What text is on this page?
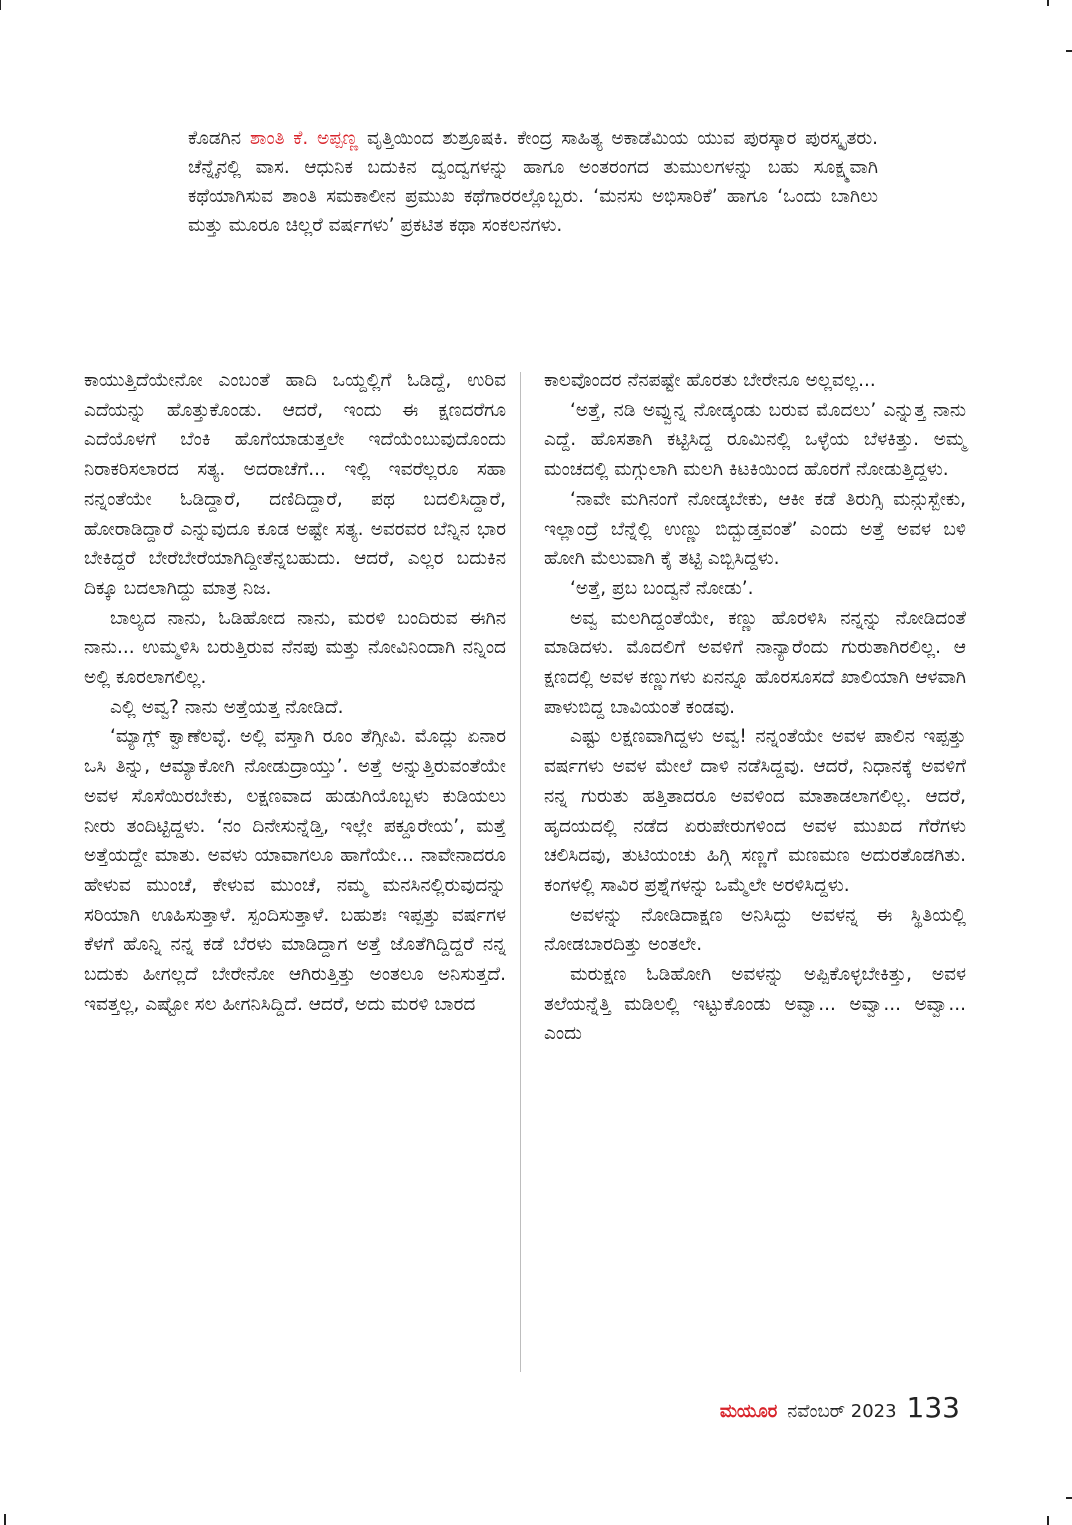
ಕೊಡಗಿನ ಶಾಂತಿ ಕೆ. ಅಪ್ಪಣ್ಣ ವೃತ್ತಿಯಿಂದ ಶುಶ್ರೂಷಕಿ. ಕೇಂದ್ರ ಸಾಹಿತ್ಯ ಅಕಾಡೆಮಿಯ ಯುವ ಪುರಸ್ಕಾರ ಪುರಸ್ಕೃತರು. ಚೆನ್ನೈನಲ್ಲಿ ವಾಸ. ಆಧುನಿಕ ಬದುಕಿನ ದ್ವಂದ್ವಗಳನ್ನು ಹಾಗೂ ಅಂತರಂಗದ ತುಮುಲಗಳನ್ನು ಬಹು ಸೂಕ್ಷ್ಮವಾಗಿ ಕಥೆಯಾಗಿಸುವ ಶಾಂತಿ ಸಮಕಾಲೀನ ಪ್ರಮುಖ ಕಥೆಗಾರರಲ್ಲೊಬ್ಬರು. ‘ಮನಸು ಅಭಿಸಾರಿಕೆ’ ಹಾಗೂ ‘ಒಂದು ಬಾಗಿಲು ಮತ್ತು ಮೂರೂ ಚಿಲ್ಲರೆ ವರ್ಷಗಳು’ ಪ್ರಕಟಿತ ಕಥಾ ಸಂಕಲನಗಳು.

ಕಾಯುತ್ತಿದೆಯೇನೋ ಎಂಬಂತೆ ಹಾದಿ ಒಯ್ದಲ್ಲಿಗೆ ಓಡಿದ್ದೆ, ಉರಿವ ಎದೆಯನ್ನು ಹೊತ್ತುಕೊಂಡು. ಆದರೆ, ಇಂದು ಈ ಕ್ಷಣದರೆಗೂ ಎದೆಯೊಳಗೆ ಬೆಂಕಿ ಹೊಗೆಯಾಡುತ್ತಲೇ ಇದೆಯೆಂಬುವುದೊಂದು ನಿರಾಕರಿಸಲಾರದ ಸತ್ಯ. ಅದರಾಚೆಗೆ... ಇಲ್ಲಿ ಇವರೆಲ್ಲರೂ ಸಹಾ ನನ್ನಂತೆಯೇ ಓಡಿದ್ದಾರೆ, ದಣಿದಿದ್ದಾರೆ, ಪಥ ಬದಲಿಸಿದ್ದಾರೆ, ಹೋರಾಡಿದ್ದಾರೆ ಎನ್ನುವುದೂ ಕೂಡ ಅಷ್ಟೇ ಸತ್ಯ. ಅವರವರ ಬೆನ್ನಿನ ಭಾರ ಬೇಕಿದ್ದರೆ ಬೇರೆಬೇರೆಯಾಗಿದ್ದೀತೆನ್ನಬಹುದು. ಆದರೆ, ಎಲ್ಲರ ಬದುಕಿನ ದಿಕ್ಕೂ ಬದಲಾಗಿದ್ದು ಮಾತ್ರ ನಿಜ.

ಬಾಲ್ಯದ ನಾನು, ಓಡಿಹೋದ ನಾನು, ಮರಳಿ ಬಂದಿರುವ ಈಗಿನ ನಾನು... ಉಮ್ಮಳಿಸಿ ಬರುತ್ತಿರುವ ನೆನಪು ಮತ್ತು ನೋವಿನಿಂದಾಗಿ ನನ್ನಿಂದ ಅಲ್ಲಿ ಕೂರಲಾಗಲಿಲ್ಲ.

ಎಲ್ಲಿ ಅವ್ವ? ನಾನು ಅತ್ತೆಯತ್ತ ನೋಡಿದೆ.

‘ಮ್ಯಾಗ್ಲ್ ಕ್ವಾಣೆಲವ್ಳೆ. ಅಲ್ಲಿ ವಸ್ತಾಗಿ ರೂಂ ತೆಗ್ಸೀವಿ. ಮೊದ್ಲು ಏನಾರ ಒಸಿ ತಿನ್ನು, ಆಮ್ಯಾಕೋಗಿ ನೋಡುದ್ರಾಯ್ತು’. ಅತ್ತೆ ಅನ್ನುತ್ತಿರುವಂತೆಯೇ ಅವಳ ಸೊಸೆಯಿರಬೇಕು, ಲಕ್ಷಣವಾದ ಹುಡುಗಿಯೊಬ್ಬಳು ಕುಡಿಯಲು ನೀರು ತಂದಿಟ್ಟಿದ್ದಳು. ‘ನಂ ದಿನೇಸುನ್ನೆಡ್ತಿ, ಇಲ್ಲೇ ಪಕ್ದೂರೇಯ’, ಮತ್ತೆ ಅತ್ತೆಯದ್ದೇ ಮಾತು. ಅವಳು ಯಾವಾಗಲೂ ಹಾಗೆಯೇ... ನಾವೇನಾದರೂ ಹೇಳುವ ಮುಂಚೆ, ಕೇಳುವ ಮುಂಚೆ, ನಮ್ಮ ಮನಸಿನಲ್ಲಿರುವುದನ್ನು ಸರಿಯಾಗಿ ಊಹಿಸುತ್ತಾಳೆ. ಸ್ಪಂದಿಸುತ್ತಾಳೆ. ಬಹುಶಃ ಇಪ್ಪತ್ತು ವರ್ಷಗಳ ಕೆಳಗೆ ಹೊನ್ನಿ ನನ್ನ ಕಡೆ ಬೆರಳು ಮಾಡಿದ್ದಾಗ ಅತ್ತೆ ಜೊತೆಗಿದ್ದಿದ್ದರೆ ನನ್ನ ಬದುಕು ಹೀಗಲ್ಲದೆ ಬೇರೇನೋ ಆಗಿರುತ್ತಿತ್ತು ಅಂತಲೂ ಅನಿಸುತ್ತದೆ. ಇವತ್ತಲ್ಲ, ಎಷ್ಟೋ ಸಲ ಹೀಗನಿಸಿದ್ದಿದೆ. ಆದರೆ, ಅದು ಮರಳಿ ಬಾರದ

ಕಾಲವೊಂದರ ನೆನಪಷ್ಟೇ ಹೊರತು ಬೇರೇನೂ ಅಲ್ಲವಲ್ಲ...

‘ಅತ್ತೆ, ನಡಿ ಅವ್ವುನ್ನ ನೋಡ್ಕಂಡು ಬರುವ ಮೊದಲು’ ಎನ್ನುತ್ತ ನಾನು ಎದ್ದೆ. ಹೊಸತಾಗಿ ಕಟ್ಟಿಸಿದ್ದ ರೂಮಿನಲ್ಲಿ ಒಳ್ಳೆಯ ಬೆಳಕಿತ್ತು. ಅಮ್ಮ ಮಂಚದಲ್ಲಿ ಮಗ್ಗುಲಾಗಿ ಮಲಗಿ ಕಿಟಕಿಯಿಂದ ಹೊರಗೆ ನೋಡುತ್ತಿದ್ದಳು.

‘ನಾವೇ ಮಗಿನಂಗೆ ನೋಡ್ಕಬೇಕು, ಆಕೀ ಕಡೆ ತಿರುಗ್ಸಿ ಮನ್ಗುಸ್ಬೇಕು, ಇಲ್ಲಾಂದ್ರೆ ಬೆನ್ನೆಲ್ಲಿ ಉಣ್ಣು ಬಿದ್ಬುಡ್ತವಂತೆ’ ಎಂದು ಅತ್ತೆ ಅವಳ ಬಳಿ ಹೋಗಿ ಮೆಲುವಾಗಿ ಕೈ ತಟ್ಟಿ ಎಬ್ಬಿಸಿದ್ದಳು.

‘ಅತ್ತೆ, ಪ್ರಬ ಬಂದ್ವನೆ ನೋಡು’.

ಅವ್ವ ಮಲಗಿದ್ದಂತೆಯೇ, ಕಣ್ಣು ಹೊರಳಿಸಿ ನನ್ನನ್ನು ನೋಡಿದಂತೆ ಮಾಡಿದಳು. ಮೊದಲಿಗೆ ಅವಳಿಗೆ ನಾನ್ಯಾರೆಂದು ಗುರುತಾಗಿರಲಿಲ್ಲ. ಆ ಕ್ಷಣದಲ್ಲಿ ಅವಳ ಕಣ್ಣುಗಳು ಏನನ್ನೂ ಹೊರಸೂಸದೆ ಖಾಲಿಯಾಗಿ ಆಳವಾಗಿ ಪಾಳುಬಿದ್ದ ಬಾವಿಯಂತೆ ಕಂಡವು.

ಎಷ್ಟು ಲಕ್ಷಣವಾಗಿದ್ದಳು ಅವ್ವ! ನನ್ನಂತೆಯೇ ಅವಳ ಪಾಲಿನ ಇಪ್ಪತ್ತು ವರ್ಷಗಳು ಅವಳ ಮೇಲೆ ದಾಳಿ ನಡೆಸಿದ್ದವು. ಆದರೆ, ನಿಧಾನಕ್ಕೆ ಅವಳಿಗೆ ನನ್ನ ಗುರುತು ಹತ್ತಿತಾದರೂ ಅವಳಿಂದ ಮಾತಾಡಲಾಗಲಿಲ್ಲ. ಆದರೆ, ಹೃದಯದಲ್ಲಿ ನಡೆದ ಏರುಪೇರುಗಳಿಂದ ಅವಳ ಮುಖದ ಗೆರೆಗಳು ಚಲಿಸಿದವು, ತುಟಿಯಂಚು ಹಿಗ್ಗಿ ಸಣ್ಣಗೆ ಮಣಮಣ ಅದುರತೊಡಗಿತು. ಕಂಗಳಲ್ಲಿ ಸಾವಿರ ಪ್ರಶ್ನೆಗಳನ್ನು ಒಮ್ಮೆಲೇ ಅರಳಿಸಿದ್ದಳು.

ಅವಳನ್ನು ನೋಡಿದಾಕ್ಷಣ ಅನಿಸಿದ್ದು ಅವಳನ್ನ ಈ ಸ್ಥಿತಿಯಲ್ಲಿ ನೋಡಬಾರದಿತ್ತು ಅಂತಲೇ.

ಮರುಕ್ಷಣ ಓಡಿಹೋಗಿ ಅವಳನ್ನು ಅಪ್ಪಿಕೊಳ್ಳಬೇಕಿತ್ತು, ಅವಳ ತಲೆಯನ್ನೆತ್ತಿ ಮಡಿಲಲ್ಲಿ ಇಟ್ಟುಕೊಂಡು ಅವ್ವಾ... ಅವ್ವಾ... ಅವ್ವಾ... ಎಂದು

ಮಯೂರ ನವೆಂಬರ್ 2023 133
